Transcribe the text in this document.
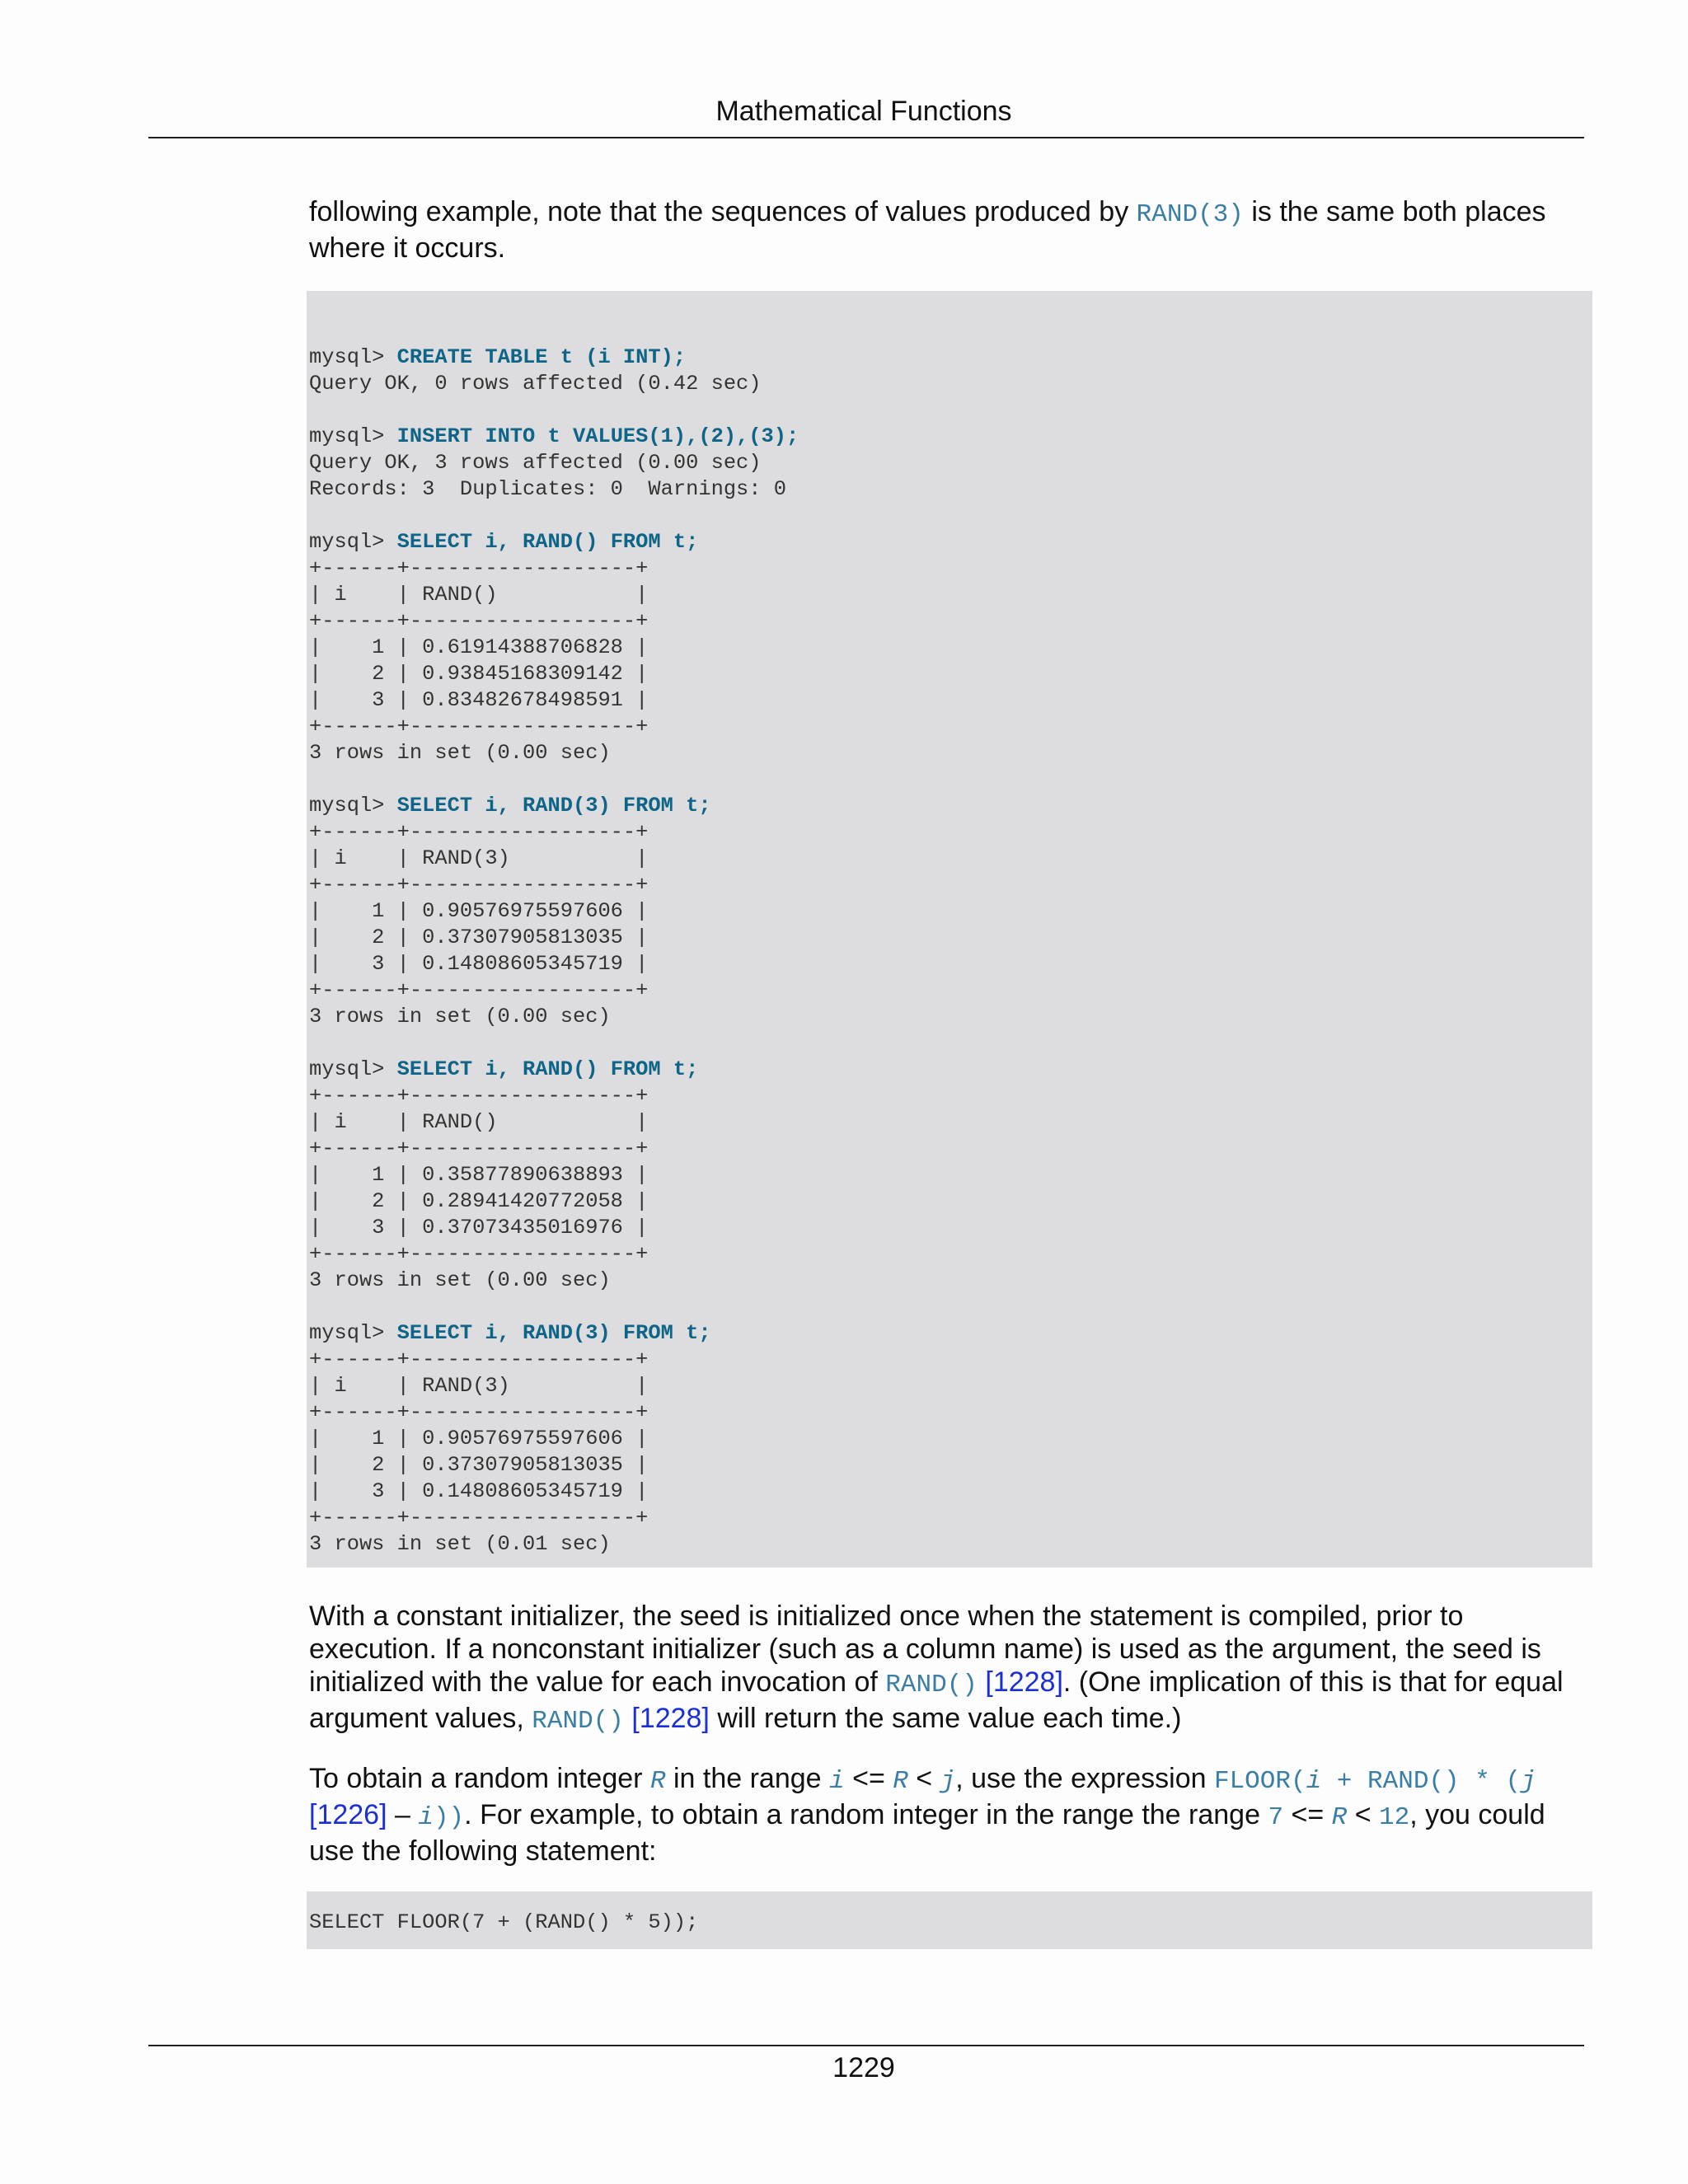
Mathematical Functions

following example, note that the sequences of values produced by RAND(3) is the same both places where it occurs.

mysql> CREATE TABLE t (i INT);
Query OK, 0 rows affected (0.42 sec)
mysql> INSERT INTO t VALUES(1),(2),(3);
Query OK, 3 rows affected (0.00 sec)
Records: 3  Duplicates: 0  Warnings: 0
mysql> SELECT i, RAND() FROM t;
+------+------------------+
| i    | RAND()           |
+------+------------------+
|    1 | 0.61914388706828 |
|    2 | 0.93845168309142 |
|    3 | 0.83482678498591 |
+------+------------------+
3 rows in set (0.00 sec)
mysql> SELECT i, RAND(3) FROM t;
+------+------------------+
| i    | RAND(3)          |
+------+------------------+
|    1 | 0.90576975597606 |
|    2 | 0.37307905813035 |
|    3 | 0.14808605345719 |
+------+------------------+
3 rows in set (0.00 sec)
mysql> SELECT i, RAND() FROM t;
+------+------------------+
| i    | RAND()           |
+------+------------------+
|    1 | 0.35877890638893 |
|    2 | 0.28941420772058 |
|    3 | 0.37073435016976 |
+------+------------------+
3 rows in set (0.00 sec)
mysql> SELECT i, RAND(3) FROM t;
+------+------------------+
| i    | RAND(3)          |
+------+------------------+
|    1 | 0.90576975597606 |
|    2 | 0.37307905813035 |
|    3 | 0.14808605345719 |
+------+------------------+
3 rows in set (0.01 sec)

With a constant initializer, the seed is initialized once when the statement is compiled, prior to execution. If a nonconstant initializer (such as a column name) is used as the argument, the seed is initialized with the value for each invocation of RAND() [1228]. (One implication of this is that for equal argument values, RAND() [1228] will return the same value each time.)

To obtain a random integer R in the range i <= R < j, use the expression FLOOR(i + RAND() * (j [1226] – i)). For example, to obtain a random integer in the range the range 7 <= R < 12, you could use the following statement:

SELECT FLOOR(7 + (RAND() * 5));
1229
